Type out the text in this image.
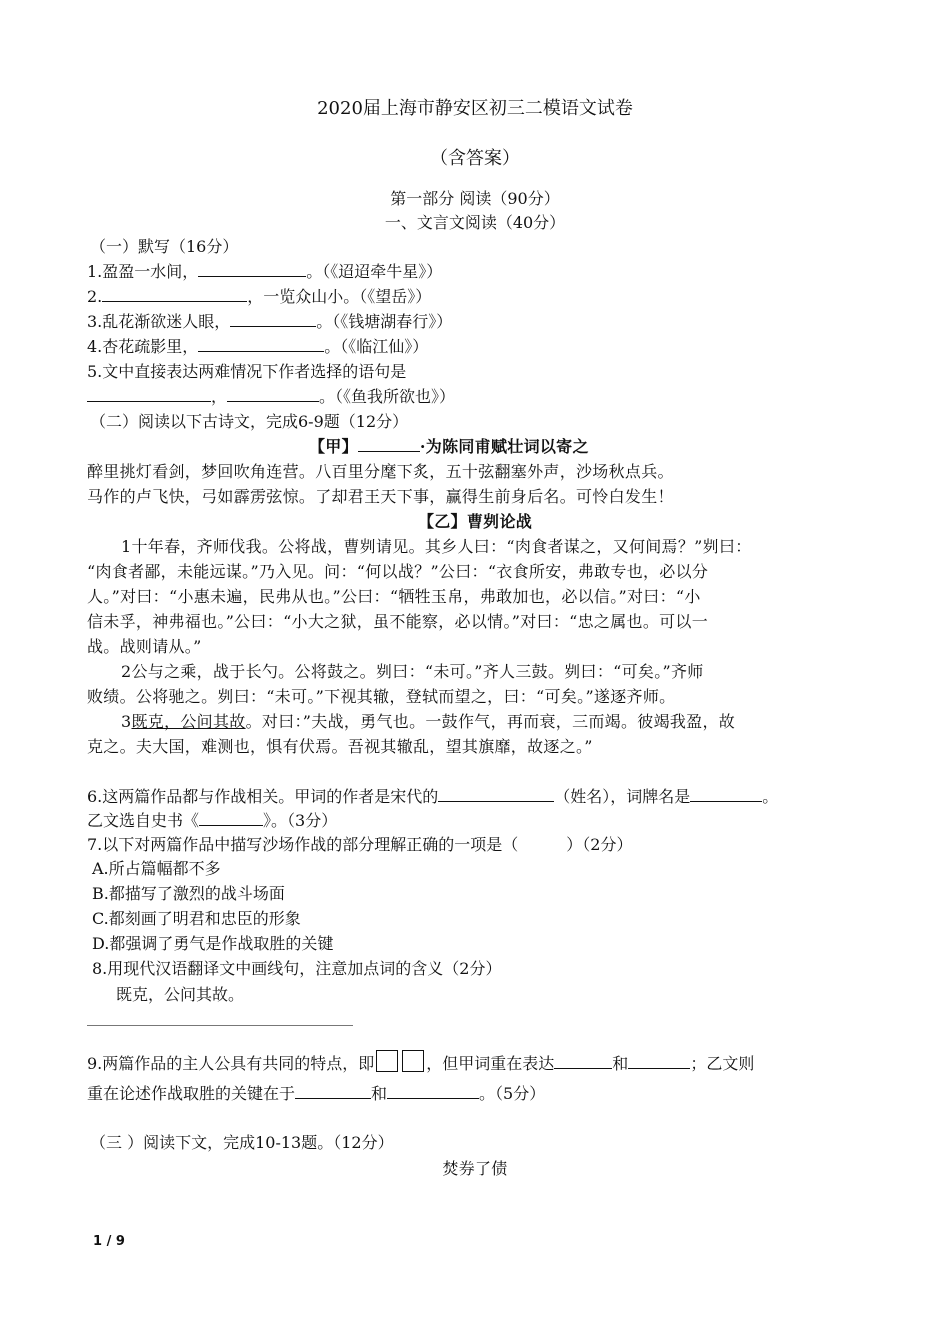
2020届上海市静安区初三二模语文试卷
（含答案）
第一部分 阅读（90分）
一、文言文阅读（40分）
（一）默写（16分）
1.盈盈一水间，	。（《迢迢牵牛星》）
2.	，一览众山小。（《望岳》）
3.乱花渐欲迷人眼，	。（《钱塘湖春行》）
4.杏花疏影里，	。（《临江仙》）
5.文中直接表达两难情况下作者选择的语句是
，	。（《鱼我所欲也》）
（二）阅读以下古诗文，完成6-9题（12分）
【甲】	·为陈同甫赋壮词以寄之
醉里挑灯看剑，梦回吹角连营。八百里分麾下炙，五十弦翻塞外声，沙场秋点兵。
马作的卢飞快，弓如霹雳弦惊。了却君王天下事，赢得生前身后名。可怜白发生！
【乙】曹刿论战
1十年春，齐师伐我。公将战，曹刿请见。其乡人曰：“肉食者谋之，又何间焉？”刿曰：
“肉食者鄙，未能远谋。”乃入见。问：“何以战？”公曰：“衣食所安，弗敢专也，必以分
人。”对曰：“小惠未遍，民弗从也。”公曰：“牺牲玉帛，弗敢加也，必以信。”对曰：“小
信未孚，神弗福也。”公曰：“小大之狱，虽不能察，必以情。”对曰：“忠之属也。可以一
战。战则请从。”
2公与之乘，战于长勺。公将鼓之。刿曰：“未可。”齐人三鼓。刿曰：“可矣。”齐师
败绩。公将驰之。刿曰：“未可。”下视其辙，登轼而望之，曰：“可矣。”遂逐齐师。
3既克，公问其故。对曰：”夫战，勇气也。一鼓作气，再而衰，三而竭。彼竭我盈，故
克之。夫大国，难测也，惧有伏焉。吾视其辙乱，望其旗靡，故逐之。”
6.这两篇作品都与作战相关。甲词的作者是宋代的	（姓名），词牌名是	。
乙文选自史书《	》。（3分）
7.以下对两篇作品中描写沙场作战的部分理解正确的一项是（　　　）（2分）
A.所占篇幅都不多
B.都描写了激烈的战斗场面
C.都刻画了明君和忠臣的形象
D.都强调了勇气是作战取胜的关键
8.用现代汉语翻译文中画线句，注意加点词的含义（2分）
既克，公问其故。
9.两篇作品的主人公具有共同的特点，即	，但甲词重在表达	和	；乙文则
重在论述作战取胜的关键在于	和	。（5分）
（三 ）阅读下文，完成10-13题。（12分）
焚券了债
1 / 9
